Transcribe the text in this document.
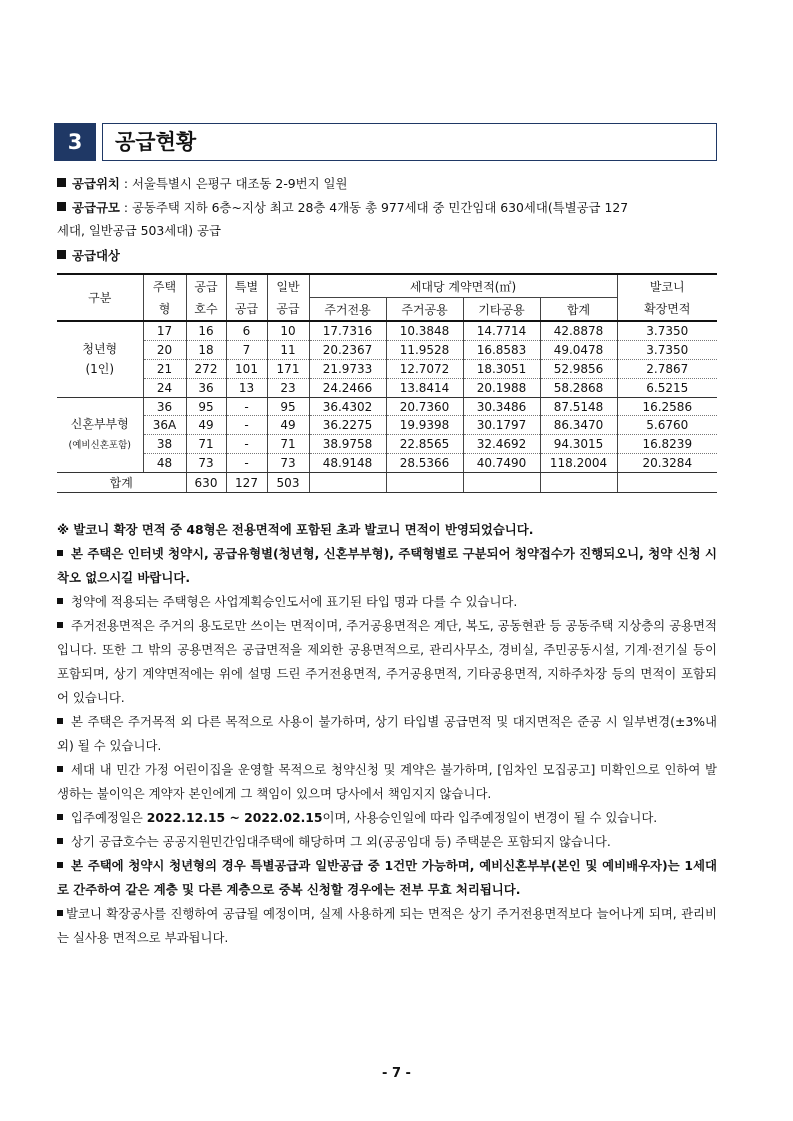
3	공급현황
공급위치 : 서울특별시 은평구 대조동 2-9번지 일원
공급규모 : 공동주택 지하 6층~지상 최고 28층 4개동 총 977세대 중 민간임대 630세대(특별공급 127
세대, 일반공급 503세대) 공급
공급대상
구분	주택	공급	특별	일반	세대당 계약면적(㎡)				발코니
	형	호수	공급	공급	주거전용	주거공용	기타공용	합계	확장면적
청년형
(1인)	17	16	6	10	17.7316	10.3848	14.7714	42.8878	3.7350
	20	18	7	11	20.2367	11.9528	16.8583	49.0478	3.7350
	21	272	101	171	21.9733	12.7072	18.3051	52.9856	2.7867
	24	36	13	23	24.2466	13.8414	20.1988	58.2868	6.5215
신혼부부형
(예비신혼포함)	36	95	-	95	36.4302	20.7360	30.3486	87.5148	16.2586
	36A	49	-	49	36.2275	19.9398	30.1797	86.3470	5.6760
	38	71	-	71	38.9758	22.8565	32.4692	94.3015	16.8239
	48	73	-	73	48.9148	28.5366	40.7490	118.2004	20.3284
합계		630	127	503					

※ 발코니 확장 면적 중 48형은 전용면적에 포함된 초과 발코니 면적이 반영되었습니다.

본 주택은 인터넷 청약시, 공급유형별(청년형, 신혼부부형), 주택형별로 구분되어 청약접수가 진행되오니, 청약 신청 시 착오 없으시길 바랍니다.

청약에 적용되는 주택형은 사업계획승인도서에 표기된 타입 명과 다를 수 있습니다.

주거전용면적은 주거의 용도로만 쓰이는 면적이며, 주거공용면적은 계단, 복도, 공동현관 등 공동주택 지상층의 공용면적입니다. 또한 그 밖의 공용면적은 공급면적을 제외한 공용면적으로, 관리사무소, 경비실, 주민공동시설, 기계·전기실 등이 포함되며, 상기 계약면적에는 위에 설명 드린 주거전용면적, 주거공용면적, 기타공용면적, 지하주차장 등의 면적이 포함되어 있습니다.

본 주택은 주거목적 외 다른 목적으로 사용이 불가하며, 상기 타입별 공급면적 및 대지면적은 준공 시 일부변경(±3%내외) 될 수 있습니다.

세대 내 민간 가정 어린이집을 운영할 목적으로 청약신청 및 계약은 불가하며, [임차인 모집공고] 미확인으로 인하여 발생하는 불이익은 계약자 본인에게 그 책임이 있으며 당사에서 책임지지 않습니다.

입주예정일은 2022.12.15 ~ 2022.02.15이며, 사용승인일에 따라 입주예정일이 변경이 될 수 있습니다.

상기 공급호수는 공공지원민간임대주택에 해당하며 그 외(공공임대 등) 주택분은 포함되지 않습니다.

본 주택에 청약시 청년형의 경우 특별공급과 일반공급 중 1건만 가능하며, 예비신혼부부(본인 및 예비배우자)는 1세대로 간주하여 같은 계층 및 다른 계층으로 중복 신청할 경우에는 전부 무효 처리됩니다.

발코니 확장공사를 진행하여 공급될 예정이며, 실제 사용하게 되는 면적은 상기 주거전용면적보다 늘어나게 되며, 관리비는 실사용 면적으로 부과됩니다.

- 7 -
